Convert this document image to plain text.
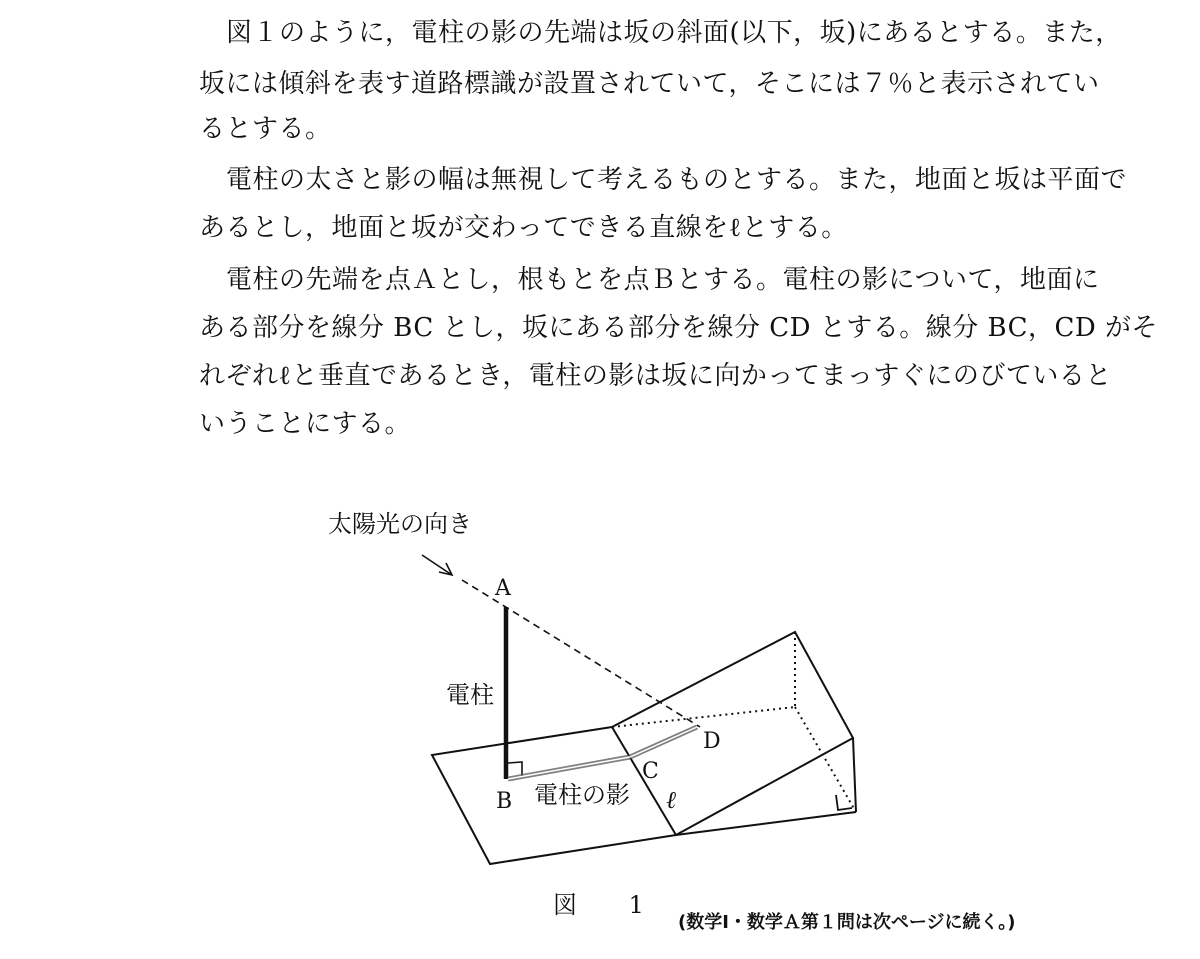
図１のように，電柱の影の先端は坂の斜面(以下，坂)にあるとする。また，
坂には傾斜を表す道路標識が設置されていて，そこには７％と表示されてい
るとする。
電柱の太さと影の幅は無視して考えるものとする。また，地面と坂は平面で
あるとし，地面と坂が交わってできる直線をℓとする。
電柱の先端を点Ａとし，根もとを点Ｂとする。電柱の影について，地面に
ある部分を線分 BC とし，坂にある部分を線分 CD とする。線分 BC，CD がそ
れぞれℓと垂直であるとき，電柱の影は坂に向かってまっすぐにのびていると
いうことにする。
太陽光の向き
A
電柱
B 電柱の影
C
D
ℓ
図 1
(数学Ⅰ・数学Ａ第１問は次ページに続く。)
